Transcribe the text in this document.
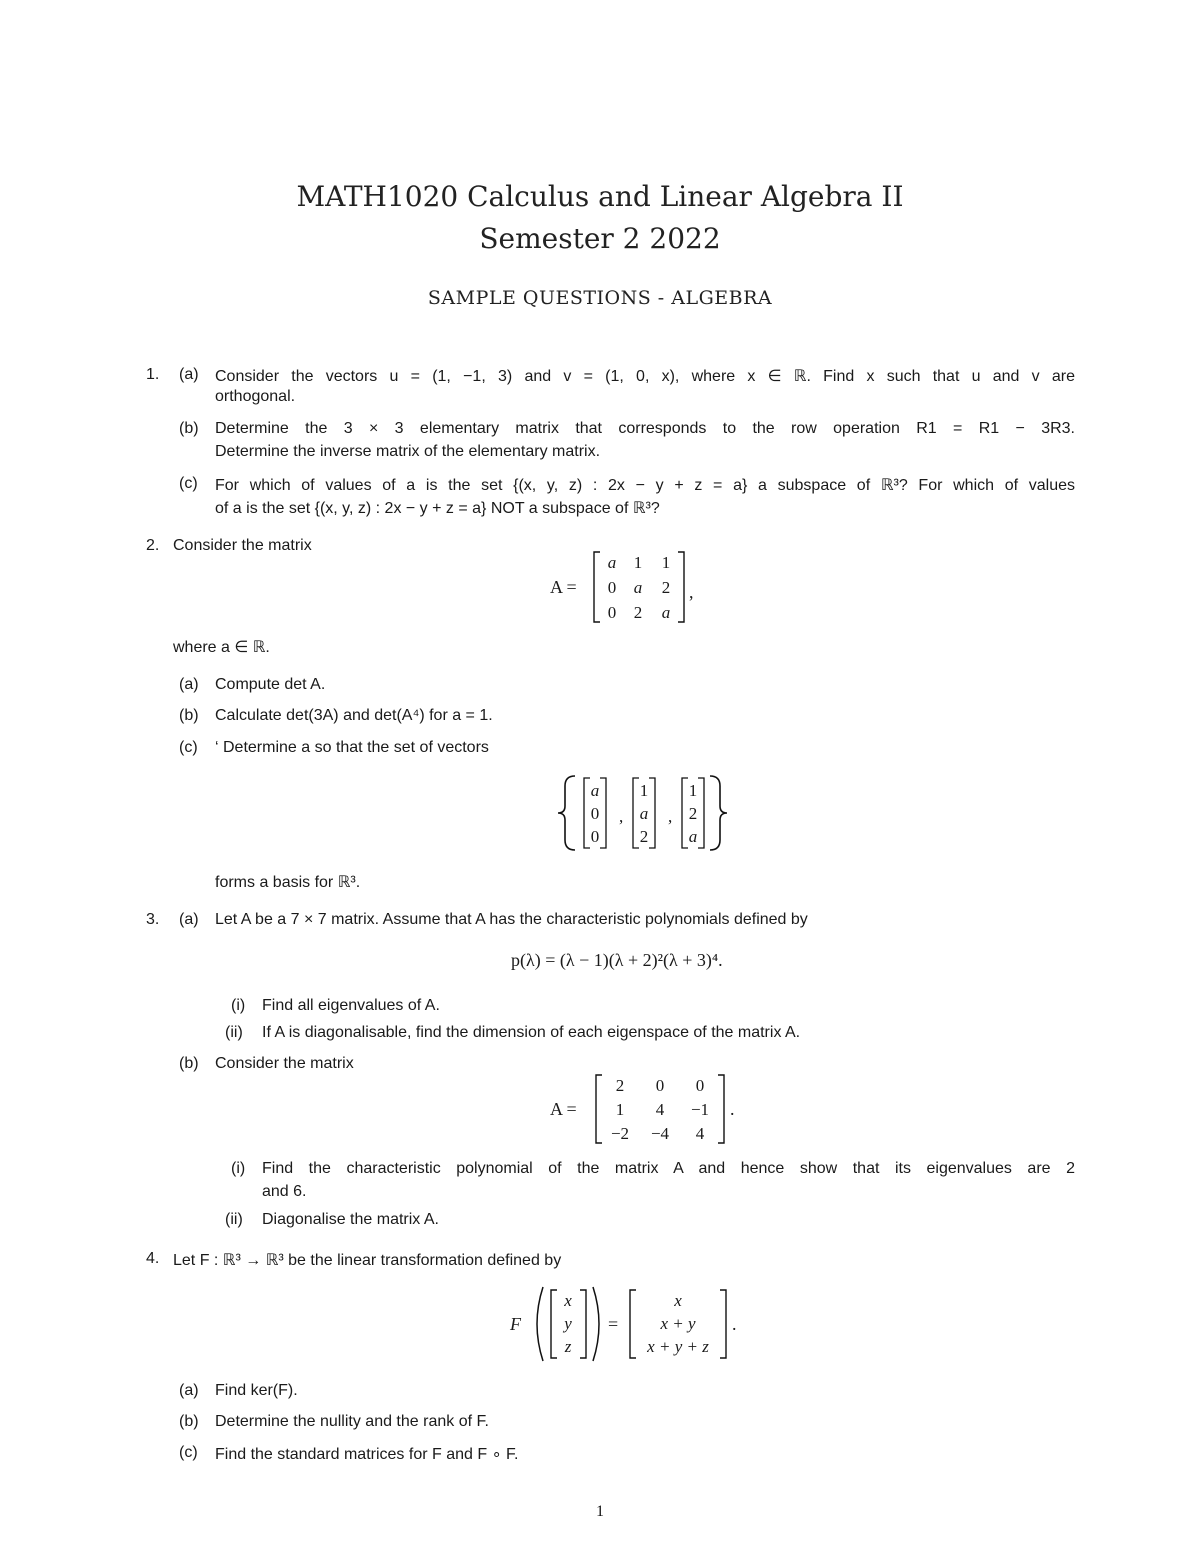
MATH1020 Calculus and Linear Algebra II
Semester 2 2022
SAMPLE QUESTIONS - ALGEBRA
1. (a) Consider the vectors u = (1, −1, 3) and v = (1, 0, x), where x ∈ ℝ. Find x such that u and v are
orthogonal.
(b) Determine the 3 × 3 elementary matrix that corresponds to the row operation R1 = R1 − 3R3.
Determine the inverse matrix of the elementary matrix.
(c) For which of values of a is the set {(x, y, z) : 2x − y + z = a} a subspace of ℝ³? For which of values
of a is the set {(x, y, z) : 2x − y + z = a} NOT a subspace of ℝ³?
2. Consider the matrix
A =
a 1 1
0 a 2
0 2 a
,
where a ∈ ℝ.
(a) Compute det A.
(b) Calculate det(3A) and det(A⁴) for a = 1.
(c) ‘ Determine a so that the set of vectors
a
0
0
,
1
a
2
,
1
2
a
forms a basis for ℝ³.
3. (a) Let A be a 7 × 7 matrix. Assume that A has the characteristic polynomials defined by
p(λ) = (λ − 1)(λ + 2)²(λ + 3)⁴.
(i) Find all eigenvalues of A.
(ii) If A is diagonalisable, find the dimension of each eigenspace of the matrix A.
(b) Consider the matrix
A =
2 0 0
1 4 −1
−2 −4 4
.
(i) Find the characteristic polynomial of the matrix A and hence show that its eigenvalues are 2
and 6.
(ii) Diagonalise the matrix A.
4. Let F : ℝ³ → ℝ³ be the linear transformation defined by
F
x
y
z
=
x
x + y
x + y + z
.
(a) Find ker(F).
(b) Determine the nullity and the rank of F.
(c) Find the standard matrices for F and F ∘ F.
1
